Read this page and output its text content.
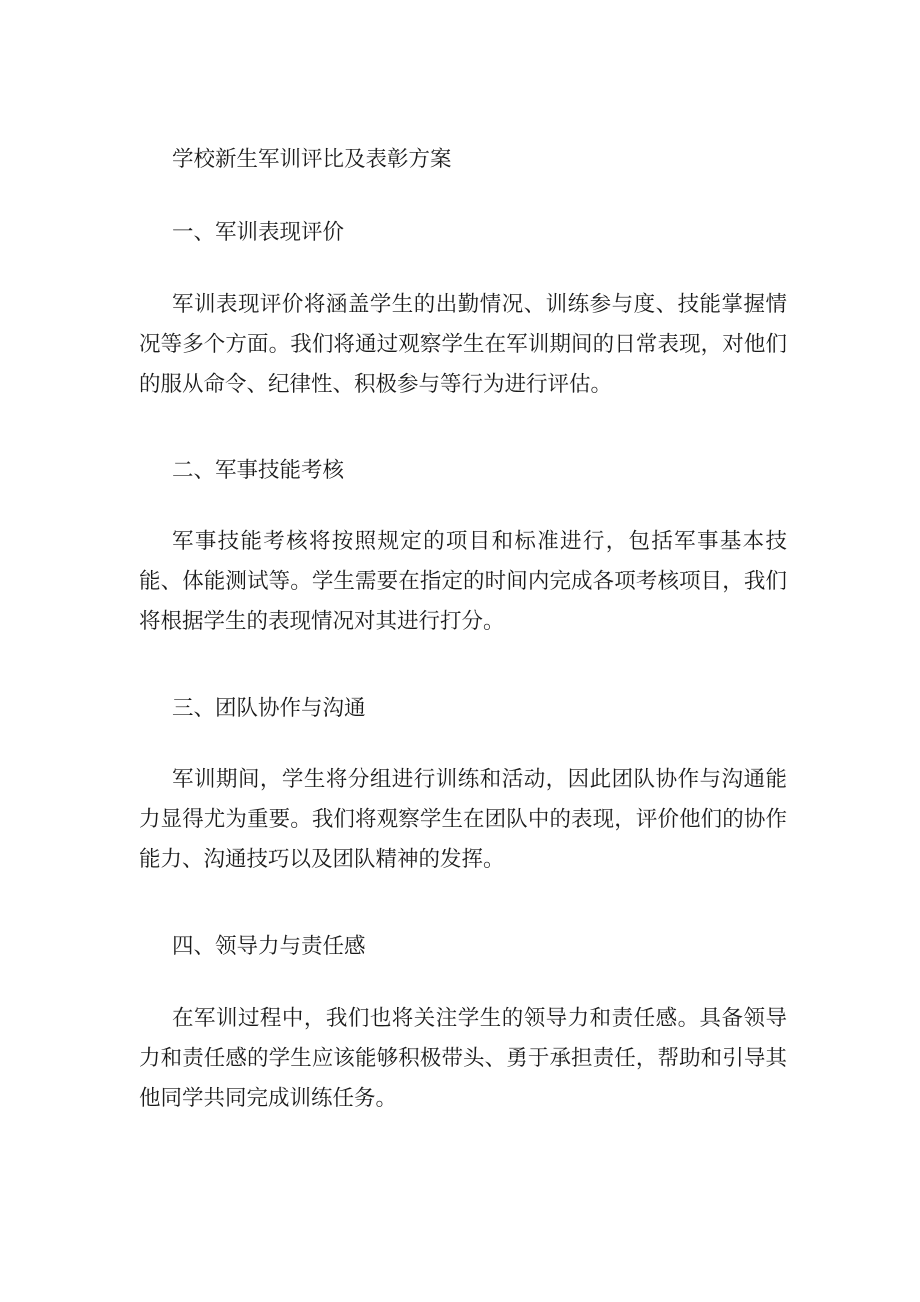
学校新生军训评比及表彰方案

一、军训表现评价

军训表现评价将涵盖学生的出勤情况、训练参与度、技能掌握情况等多个方面。我们将通过观察学生在军训期间的日常表现，对他们的服从命令、纪律性、积极参与等行为进行评估。

二、军事技能考核

军事技能考核将按照规定的项目和标准进行，包括军事基本技能、体能测试等。学生需要在指定的时间内完成各项考核项目，我们将根据学生的表现情况对其进行打分。

三、团队协作与沟通

军训期间，学生将分组进行训练和活动，因此团队协作与沟通能力显得尤为重要。我们将观察学生在团队中的表现，评价他们的协作能力、沟通技巧以及团队精神的发挥。

四、领导力与责任感

在军训过程中，我们也将关注学生的领导力和责任感。具备领导力和责任感的学生应该能够积极带头、勇于承担责任，帮助和引导其他同学共同完成训练任务。
